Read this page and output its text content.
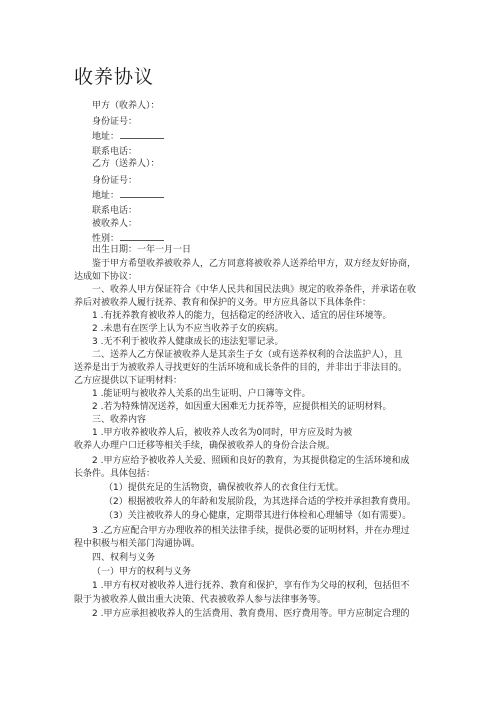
收养协议
甲方（收养人）：
身份证号：
地址：
联系电话：
乙方（送养人）：
身份证号：
地址：
联系电话：
被收养人：
性别：
出生日期：一年一月一日
鉴于甲方希望收养被收养人，乙方同意将被收养人送养给甲方，双方经友好协商，
达成如下协议：
一、收养人甲方保证符合《中华人民共和国民法典》规定的收养条件，并承诺在收
养后对被收养人履行抚养、教育和保护的义务。甲方应具备以下具体条件：
1 .有抚养教育被收养人的能力，包括稳定的经济收入、适宜的居住环境等。
2 .未患有在医学上认为不应当收养子女的疾病。
3 .无不利于被收养人健康成长的违法犯罪记录。
二、送养人乙方保证被收养人是其亲生子女（或有送养权利的合法监护人），且
送养是出于为被收养人寻找更好的生活环境和成长条件的目的，并非出于非法目的。
乙方应提供以下证明材料：
1 .能证明与被收养人关系的出生证明、户口簿等文件。
2 .若为特殊情况送养，如因重大困难无力抚养等，应提供相关的证明材料。
三、收养内容
1 .甲方收养被收养人后，被收养人改名为0同时，甲方应及时为被
收养人办理户口迁移等相关手续，确保被收养人的身份合法合规。
2 .甲方应给予被收养人关爱、照顾和良好的教育，为其提供稳定的生活环境和成
长条件。具体包括：
（1）提供充足的生活物资，确保被收养人的衣食住行无忧。
（2）根据被收养人的年龄和发展阶段，为其选择合适的学校并承担教育费用。
（3）关注被收养人的身心健康，定期带其进行体检和心理辅导（如有需要）。
3 .乙方应配合甲方办理收养的相关法律手续，提供必要的证明材料，并在办理过
程中积极与相关部门沟通协调。
四、权利与义务
（一）甲方的权利与义务
1 .甲方有权对被收养人进行抚养、教育和保护，享有作为父母的权利，包括但不
限于为被收养人做出重大决策、代表被收养人参与法律事务等。
2 .甲方应承担被收养人的生活费用、教育费用、医疗费用等。甲方应制定合理的
